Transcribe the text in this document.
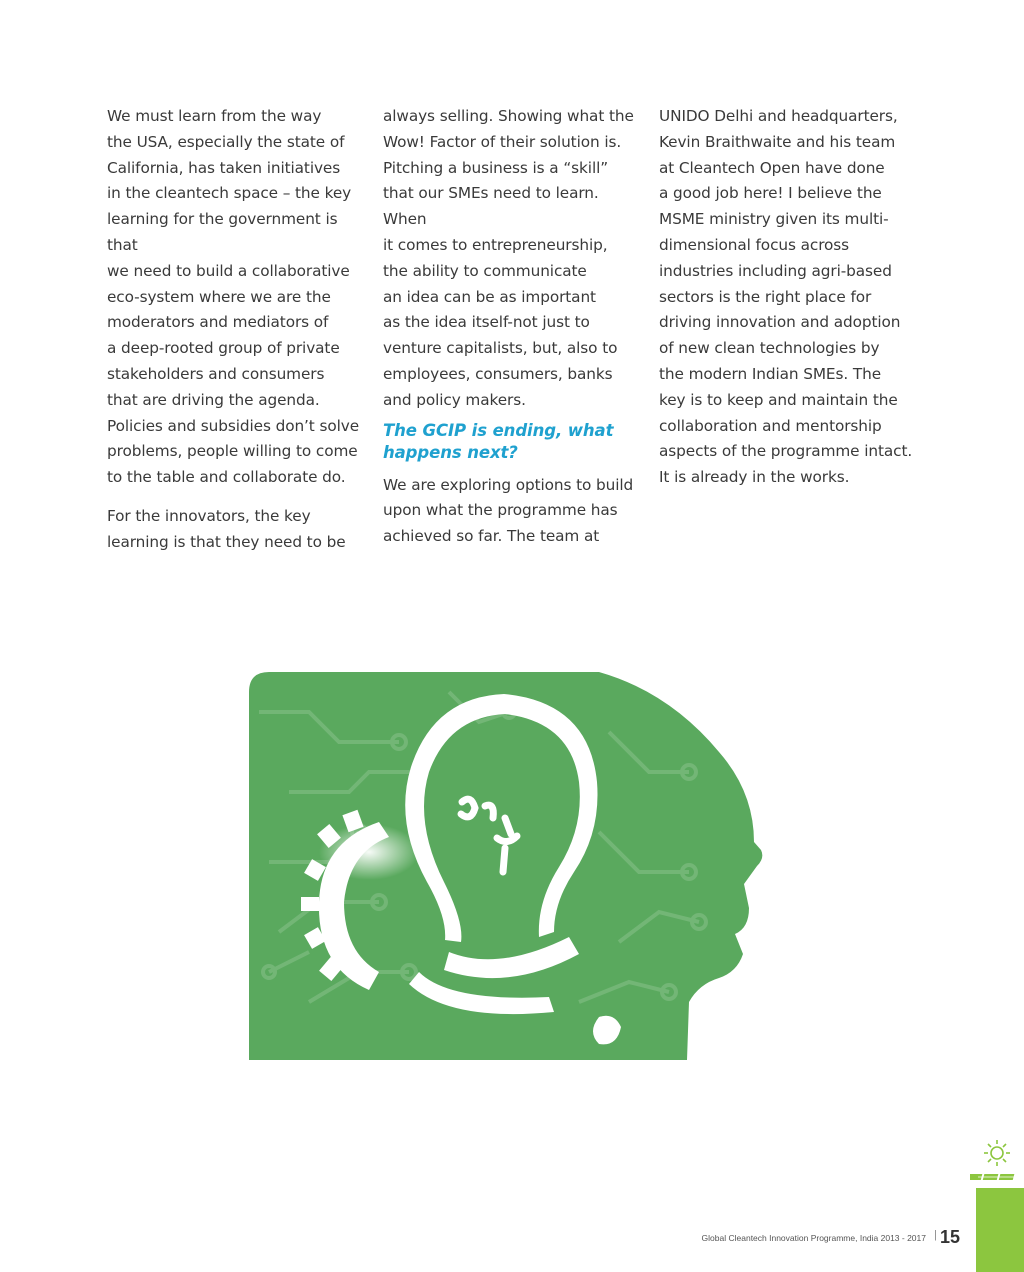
We must learn from the way
the USA, especially the state of
California, has taken initiatives
in the cleantech space – the key
learning for the government is that
we need to build a collaborative
eco-system where we are the
moderators and mediators of
a deep-rooted group of private
stakeholders and consumers
that are driving the agenda.
Policies and subsidies don’t solve
problems, people willing to come
to the table and collaborate do.

For the innovators, the key
learning is that they need to be

always selling. Showing what the
Wow! Factor of their solution is.
Pitching a business is a “skill”
that our SMEs need to learn. When
it comes to entrepreneurship,
the ability to communicate
an idea can be as important
as the idea itself-not just to
venture capitalists, but, also to
employees, consumers, banks
and policy makers.

The GCIP is ending, what
happens next?

We are exploring options to build
upon what the programme has
achieved so far. The team at

UNIDO Delhi and headquarters,
Kevin Braithwaite and his team
at Cleantech Open have done
a good job here! I believe the
MSME ministry given its multi-
dimensional focus across
industries including agri-based
sectors is the right place for
driving innovation and adoption
of new clean technologies by
the modern Indian SMEs. The
key is to keep and maintain the
collaboration and mentorship
aspects of the programme intact.

It is already in the works.

Global Cleantech Innovation Programme, India 2013 - 2017 | 15
